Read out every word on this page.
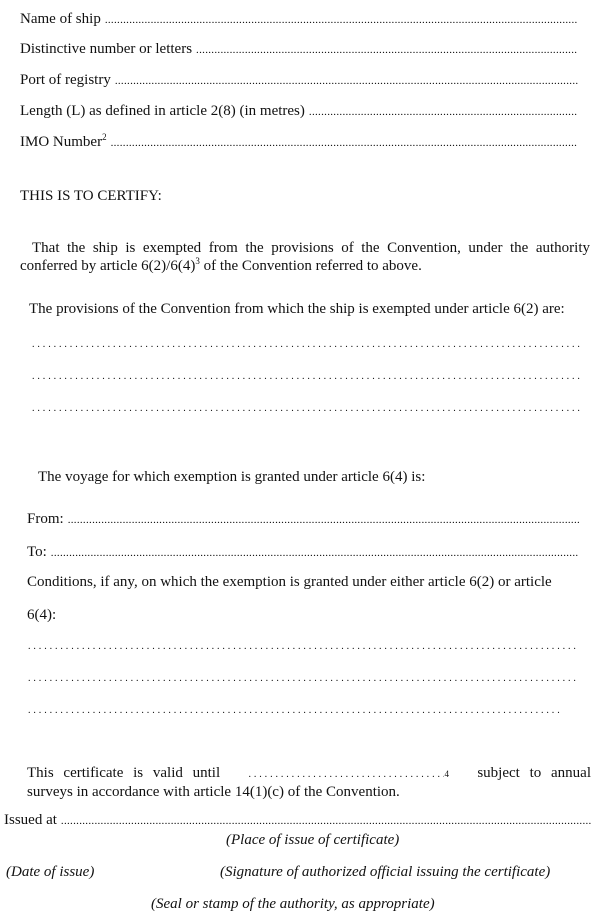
Name of ship
.....
Distinctive number or letters
.....
Port of registry
.....
Length (L) as defined in article 2(8) (in metres)
.....
IMO Number$^2$
.....
THIS IS TO CERTIFY:
That the ship is exempted from the provisions of the Convention, under the authority
conferred by article $6(2)/6(4)^3$ of the Convention referred to above.
The provisions of the Convention from which the ship is exempted under article 6(2) are:
. . .
. . .
. . .
The voyage for which exemption is granted under article 6(4) is:
From:
.....
To:
.....
Conditions, if any, on which the exemption is granted under either article 6(2) or article
6(4):
. . .
. . .
. . .
This certificate is valid until . . .	4 subject to annual
surveys in accordance with article 14(1)(c) of the Convention.
Issued at
.....
(Place of issue of certificate)
(Date of issue)	(Signature of authorized official issuing the certificate)
(Seal or stamp of the authority, as appropriate)
